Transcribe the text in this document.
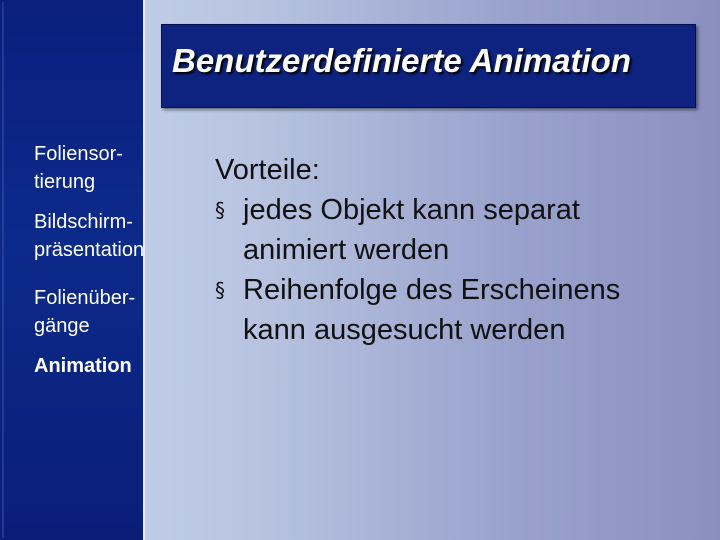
Foliensor-
tierung
Bildschirm-
präsentation
Folienüber-
gänge
Animation
Benutzerdefinierte Animation
Vorteile:
§ jedes Objekt kann separat
animiert werden
§ Reihenfolge des Erscheinens
kann ausgesucht werden
